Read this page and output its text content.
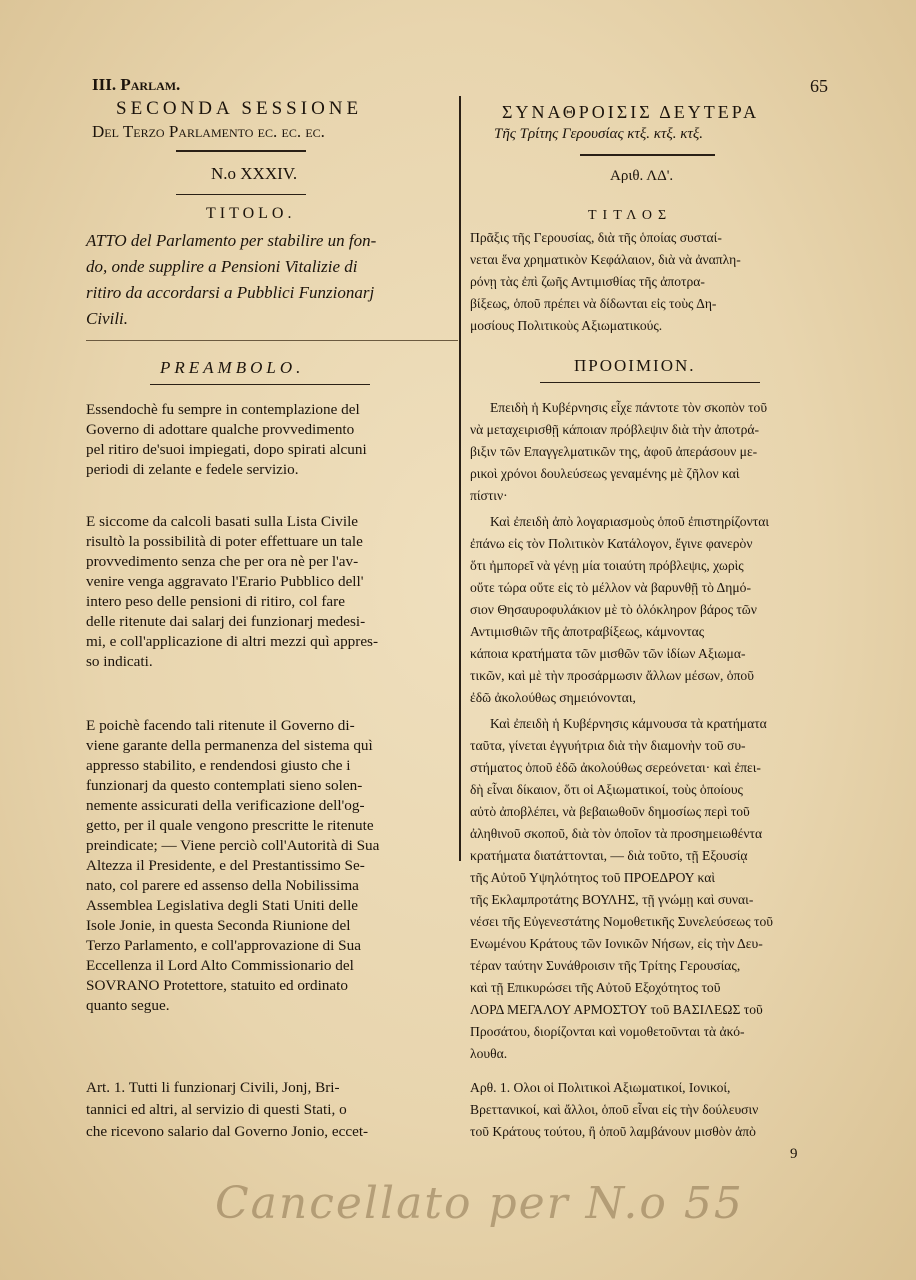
III. Parlam.
SECONDA SESSIONE
Del Terzo Parlamento ec. ec. ec.
N.o XXXIV.
TITOLO.
ATTO del Parlamento per stabilire un fon-
do, onde supplire a Pensioni Vitalizie di
ritiro da accordarsi a Pubblici Funzionarj
Civili.
PREAMBOLO.
Essendochè fu sempre in contemplazione del
Governo di adottare qualche provvedimento
pel ritiro de'suoi impiegati, dopo spirati alcuni
periodi di zelante e fedele servizio.
E siccome da calcoli basati sulla Lista Civile
risultò la possibilità di poter effettuare un tale
provvedimento senza che per ora nè per l'av-
venire venga aggravato l'Erario Pubblico dell'
intero peso delle pensioni di ritiro, col fare
delle ritenute dai salarj dei funzionarj medesi-
mi, e coll'applicazione di altri mezzi quì appres-
so indicati.
E poichè facendo tali ritenute il Governo di-
viene garante della permanenza del sistema quì
appresso stabilito, e rendendosi giusto che i
funzionarj da questo contemplati sieno solen-
nemente assicurati della verificazione dell'og-
getto, per il quale vengono prescritte le ritenute
preindicate; — Viene perciò coll'Autorità di Sua
Altezza il Presidente, e del Prestantissimo Se-
nato, col parere ed assenso della Nobilissima
Assemblea Legislativa degli Stati Uniti delle
Isole Jonie, in questa Seconda Riunione del
Terzo Parlamento, e coll'approvazione di Sua
Eccellenza il Lord Alto Commissionario del
SOVRANO Protettore, statuito ed ordinato
quanto segue.
Art. 1. Tutti li funzionarj Civili, Jonj, Bri-
tannici ed altri, al servizio di questi Stati, o
che ricevono salario dal Governo Jonio, eccet-
65
ΣΥΝΑΘΡΟΙΣΙΣ ΔΕΥΤΕΡΑ
Τῆς Τρίτης Γερουσίας κτξ. κτξ. κτξ.
Αριθ. ΛΔ'.
ΤΙΤΛΟΣ
Πρᾶξις τῆς Γερουσίας, διὰ τῆς ὁποίας συσταί-
νεται ἕνα χρηματικὸν Κεφάλαιον, διὰ νὰ ἀναπλη-
ρόνῃ τὰς ἐπὶ ζωῆς Αντιμισθίας τῆς ἀποτρα-
βίξεως, ὁποῦ πρέπει νὰ δίδωνται εἰς τοὺς Δη-
μοσίους Πολιτικοὺς Αξιωματικούς.
ΠΡΟΟΙΜΙΟΝ.
Επειδὴ ἡ Κυβέρνησις εἶχε πάντοτε τὸν σκοπὸν τοῦ
νὰ μεταχειρισθῇ κάποιαν πρόβλεψιν διὰ τὴν ἀποτρά-
βιξιν τῶν Επαγγελματικῶν της, ἀφοῦ ἀπεράσουν με-
ρικοὶ χρόνοι δουλεύσεως γεναμένης μὲ ζῆλον καὶ
πίστιν·
Καὶ ἐπειδὴ ἀπὸ λογαριασμοὺς ὁποῦ ἐπιστηρίζονται
ἐπάνω εἰς τὸν Πολιτικὸν Κατάλογον, ἔγινε φανερὸν
ὅτι ἠμπορεῖ νὰ γένῃ μία τοιαύτη πρόβλεψις, χωρὶς
οὔτε τώρα οὔτε εἰς τὸ μέλλον νὰ βαρυνθῇ τὸ Δημό-
σιον Θησαυροφυλάκιον μὲ τὸ ὁλόκληρον βάρος τῶν
Αντιμισθιῶν τῆς ἀποτραβίξεως, κάμνοντας
κάποια κρατήματα τῶν μισθῶν τῶν ἰδίων Αξιωμα-
τικῶν, καὶ μὲ τὴν προσάρμωσιν ἄλλων μέσων, ὁποῦ
ἐδῶ ἀκολούθως σημειόνονται,
Καὶ ἐπειδὴ ἡ Κυβέρνησις κάμνουσα τὰ κρατήματα
ταῦτα, γίνεται ἐγγυήτρια διὰ τὴν διαμονὴν τοῦ συ-
στήματος ὁποῦ ἐδῶ ἀκολούθως σερεόνεται· καὶ ἐπει-
δὴ εἶναι δίκαιον, ὅτι οἱ Αξιωματικοί, τοὺς ὁποίους
αὐτὸ ἀποβλέπει, νὰ βεβαιωθοῦν δημοσίως περὶ τοῦ
ἀληθινοῦ σκοποῦ, διὰ τὸν ὁποῖον τὰ προσημειωθέντα
κρατήματα διατάττονται, — διὰ τοῦτο, τῇ Εξουσίᾳ
τῆς Αὐτοῦ Υψηλότητος τοῦ ΠΡΟΕΔΡΟΥ καὶ
τῆς Εκλαμπροτάτης ΒΟΥΛΗΣ, τῇ γνώμῃ καὶ συναι-
νέσει τῆς Εὐγενεστάτης Νομοθετικῆς Συνελεύσεως τοῦ
Ενωμένου Κράτους τῶν Ιονικῶν Νήσων, εἰς τὴν Δευ-
τέραν ταύτην Συνάθροισιν τῆς Τρίτης Γερουσίας,
καὶ τῇ Επικυρώσει τῆς Αὐτοῦ Εξοχότητος τοῦ
ΛΟΡΔ ΜΕΓΑΛΟΥ ΑΡΜΟΣΤΟΥ τοῦ ΒΑΣΙΛΕΩΣ τοῦ
Προσάτου, διορίζονται καὶ νομοθετοῦνται τὰ ἀκό-
λουθα.
Αρθ. 1. Ολοι οἱ Πολιτικοὶ Αξιωματικοί, Ιονικοί,
Βρεττανικοί, καὶ ἄλλοι, ὁποῦ εἶναι εἰς τὴν δούλευσιν
τοῦ Κράτους τούτου, ἢ ὁποῦ λαμβάνουν μισθὸν ἀπὸ
9
Cancellato per N.o 55
